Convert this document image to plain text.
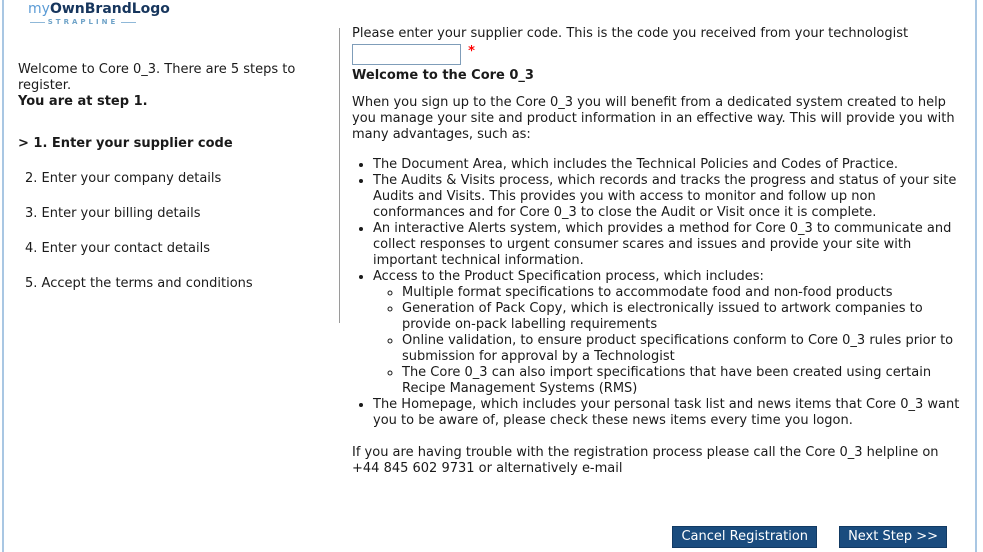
myOwnBrandLogo
STRAPLINE
Welcome to Core 0_3. There are 5 steps to register.
You are at step 1.
> 1. Enter your supplier code
2. Enter your company details
3. Enter your billing details
4. Enter your contact details
5. Accept the terms and conditions
Please enter your supplier code. This is the code you received from your technologist
*
Welcome to the Core 0_3
When you sign up to the Core 0_3 you will benefit from a dedicated system created to help you manage your site and product information in an effective way. This will provide you with many advantages, such as:
• The Document Area, which includes the Technical Policies and Codes of Practice.
• The Audits & Visits process, which records and tracks the progress and status of your site Audits and Visits. This provides you with access to monitor and follow up non conformances and for Core 0_3 to close the Audit or Visit once it is complete.
• An interactive Alerts system, which provides a method for Core 0_3 to communicate and collect responses to urgent consumer scares and issues and provide your site with important technical information.
• Access to the Product Specification process, which includes:
◦ Multiple format specifications to accommodate food and non-food products
◦ Generation of Pack Copy, which is electronically issued to artwork companies to provide on-pack labelling requirements
◦ Online validation, to ensure product specifications conform to Core 0_3 rules prior to submission for approval by a Technologist
◦ The Core 0_3 can also import specifications that have been created using certain Recipe Management Systems (RMS)
• The Homepage, which includes your personal task list and news items that Core 0_3 want you to be aware of, please check these news items every time you logon.
If you are having trouble with the registration process please call the Core 0_3 helpline on +44 845 602 9731 or alternatively e-mail
Cancel Registration	Next Step >>
